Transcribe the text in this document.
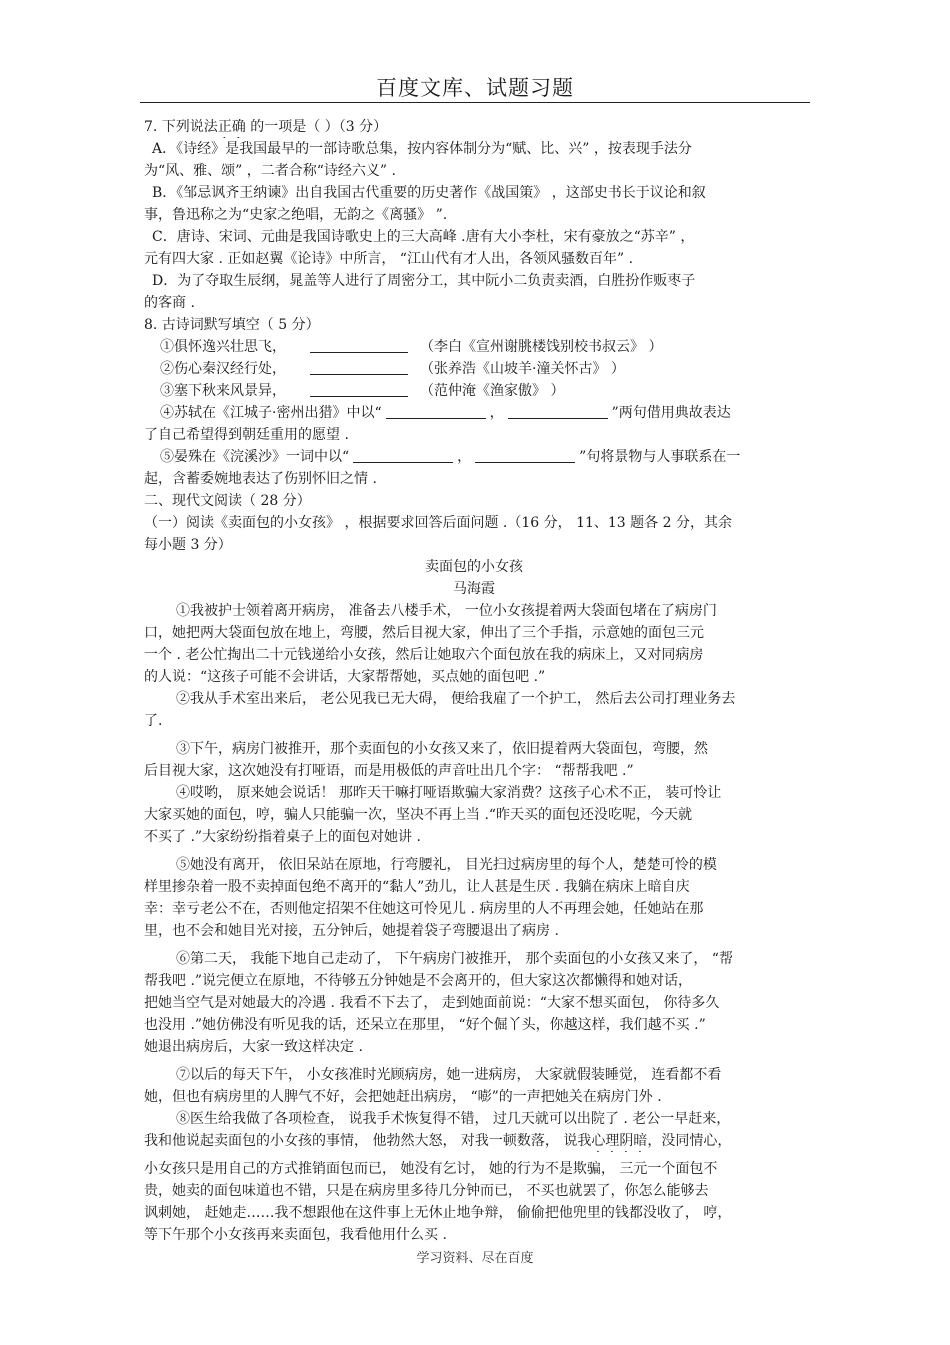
百度文库、试题习题
7. 下列说法正确 的一项是（ ）（3 分）
A．《诗经》是我国最早的一部诗歌总集，按内容体制分为“赋、比、兴” ，按表现手法分
为“风、雅、颂” ，二者合称“诗经六义” .
B．《邹忌讽齐王纳谏》出自我国古代重要的历史著作《战国策》 ，这部史书长于议论和叙
事，鲁迅称之为“史家之绝唱，无韵之《离骚》 ”.
C．唐诗、宋词、元曲是我国诗歌史上的三大高峰 .唐有大小李杜，宋有豪放之“苏辛” ，
元有四大家 . 正如赵翼《论诗》中所言， “江山代有才人出，各领风骚数百年” .
D．为了夺取生辰纲，晁盖等人进行了周密分工，其中阮小二负责卖酒，白胜扮作贩枣子
的客商 .
8. 古诗词默写填空（ 5 分）
①俱怀逸兴壮思飞，	（李白《宣州谢朓楼饯别校书叔云》 ）
②伤心秦汉经行处，	（张养浩《山坡羊·潼关怀古》 ）
③塞下秋来风景异，	（范仲淹《渔家傲》 ）
④苏轼在《江城子·密州出猎》中以“	，	”两句借用典故表达
了自己希望得到朝廷重用的愿望 .
⑤晏殊在《浣溪沙》一词中以“	，	”句将景物与人事联系在一
起，含蓄委婉地表达了伤别怀旧之情 .
二、现代文阅读（ 28 分）
（一）阅读《卖面包的小女孩》 ，根据要求回答后面问题 .（16 分， 11、13 题各 2 分，其余
每小题 3 分）
卖面包的小女孩
马海霞
①我被护士领着离开病房， 准备去八楼手术， 一位小女孩提着两大袋面包堵在了病房门
口，她把两大袋面包放在地上，弯腰，然后目视大家，伸出了三个手指，示意她的面包三元
一个 . 老公忙掏出二十元钱递给小女孩，然后让她取六个面包放在我的病床上，又对同病房
的人说：“这孩子可能不会讲话，大家帮帮她，买点她的面包吧 .”
②我从手术室出来后， 老公见我已无大碍， 便给我雇了一个护工， 然后去公司打理业务去
了.
③下午，病房门被推开，那个卖面包的小女孩又来了，依旧提着两大袋面包，弯腰，然
后目视大家，这次她没有打哑语，而是用极低的声音吐出几个字： “帮帮我吧 .”
④哎哟， 原来她会说话！ 那昨天干嘛打哑语欺骗大家消费？这孩子心术不正， 装可怜让
大家买她的面包，哼，骗人只能骗一次，坚决不再上当 .“昨天买的面包还没吃呢，今天就
不买了 .”大家纷纷指着桌子上的面包对她讲 .
⑤她没有离开， 依旧呆站在原地，行弯腰礼， 目光扫过病房里的每个人，楚楚可怜的模
样里掺杂着一股不卖掉面包绝不离开的“黏人”劲儿，让人甚是生厌 . 我躺在病床上暗自庆
幸：幸亏老公不在，否则他定招架不住她这可怜见儿 . 病房里的人不再理会她，任她站在那
里，也不会和她目光对接，五分钟后，她提着袋子弯腰退出了病房 .
⑥第二天， 我能下地自己走动了， 下午病房门被推开， 那个卖面包的小女孩又来了， “帮
帮我吧 .”说完便立在原地，不待够五分钟她是不会离开的，但大家这次都懒得和她对话，
把她当空气是对她最大的冷遇 . 我看不下去了， 走到她面前说：“大家不想买面包， 你待多久
也没用 .”她仿佛没有听见我的话，还呆立在那里， “好个倔丫头，你越这样，我们越不买 .”
她退出病房后，大家一致这样决定 .
⑦以后的每天下午， 小女孩准时光顾病房，她一进病房， 大家就假装睡觉， 连看都不看
她，但也有病房里的人脾气不好，会把她赶出病房， “嘭”的一声把她关在病房门外 .
⑧医生给我做了各项检查， 说我手术恢复得不错， 过几天就可以出院了 . 老公一早赶来，
我和他说起卖面包的小女孩的事情， 他勃然大怒， 对我一顿数落， 说我心理阴暗，没同情心，
小女孩只是用自己的方式推销面包而已， 她没有乞讨， 她的行为不是欺骗， 三元一个面包不
贵，她卖的面包味道也不错，只是在病房里多待几分钟而已， 不买也就罢了，你怎么能够去
讽刺她， 赶她走……我不想跟他在这件事上无休止地争辩， 偷偷把他兜里的钱都没收了， 哼，
等下午那个小女孩再来卖面包，我看他用什么买 .
学习资料、尽在百度
